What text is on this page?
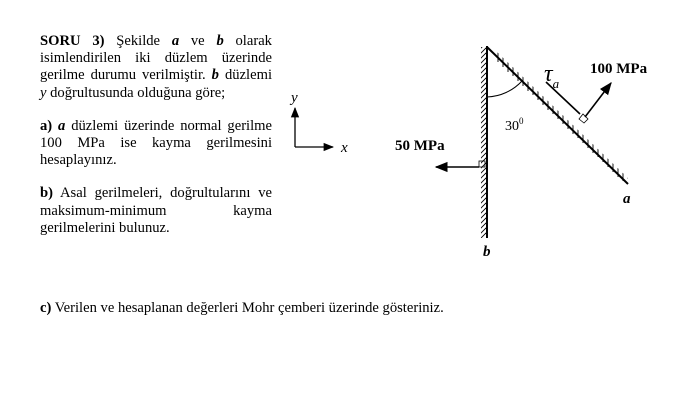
SORU 3) Şekilde a ve b olarak isimlendirilen iki düzlem üzerinde gerilme durumu verilmiştir. b düzlemi y doğrultusunda olduğuna göre;

a) a düzlemi üzerinde normal gerilme 100 MPa ise kayma gerilmesini hesaplayınız.

b) Asal gerilmeleri, doğrultularını ve maksimum-minimum kayma gerilmelerini bulunuz.

c) Verilen ve hesaplanan değerleri Mohr çemberi üzerinde gösteriniz.
y
x
b
a
$30^0$
50 MPa
100 MPa
$\tau_a$
